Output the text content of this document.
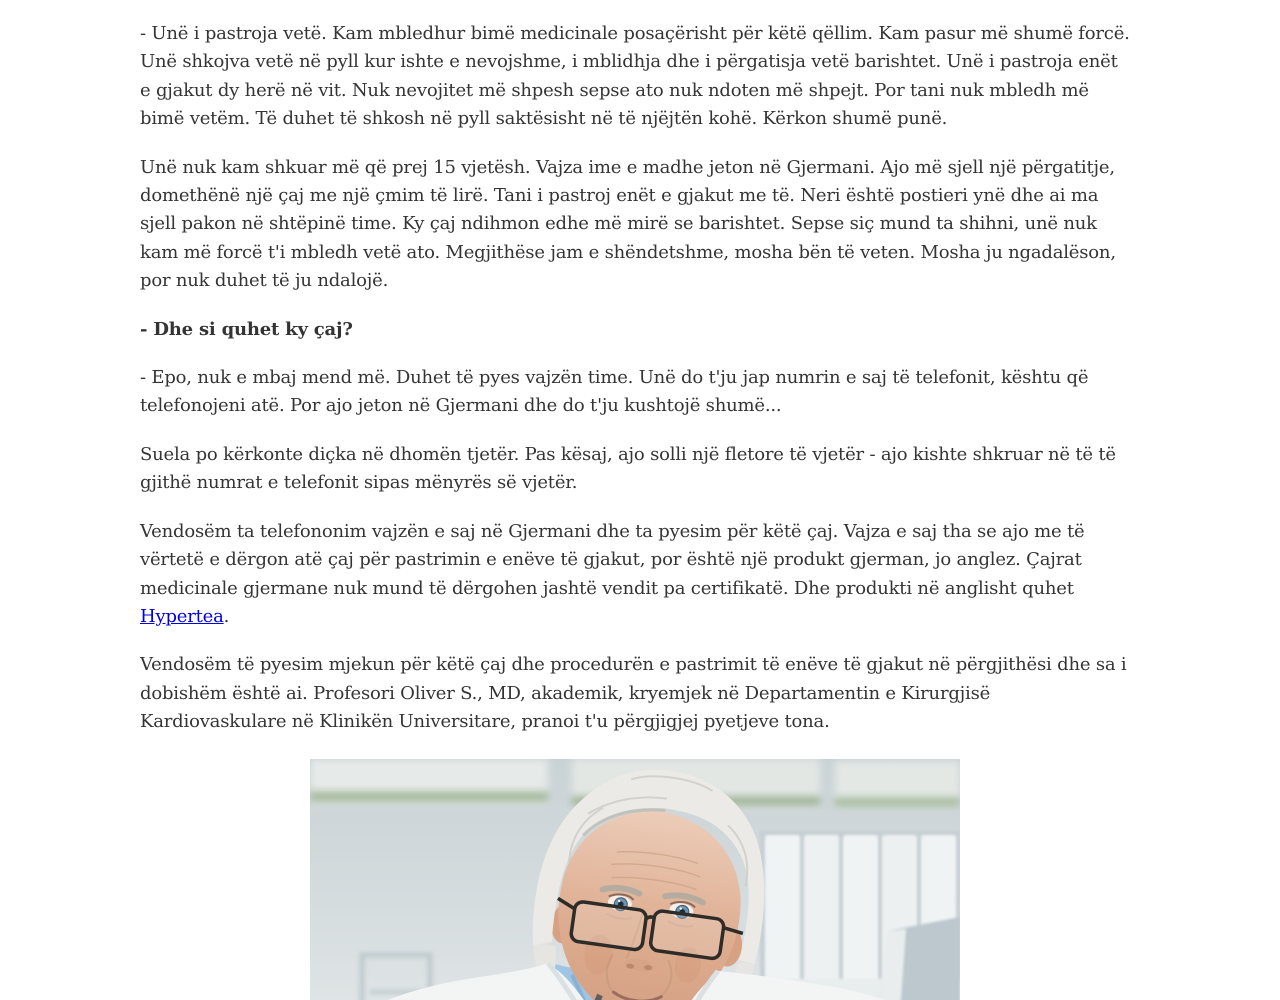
- Unë i pastroja vetë. Kam mbledhur bimë medicinale posaçërisht për këtë qëllim. Kam pasur më shumë forcë. Unë shkojva vetë në pyll kur ishte e nevojshme, i mblidhja dhe i përgatisja vetë barishtet. Unë i pastroja enët e gjakut dy herë në vit. Nuk nevojitet më shpesh sepse ato nuk ndoten më shpejt. Por tani nuk mbledh më bimë vetëm. Të duhet të shkosh në pyll saktësisht në të njëjtën kohë. Kërkon shumë punë.

Unë nuk kam shkuar më që prej 15 vjetësh. Vajza ime e madhe jeton në Gjermani. Ajo më sjell një përgatitje, domethënë një çaj me një çmim të lirë. Tani i pastroj enët e gjakut me të. Neri është postieri ynë dhe ai ma sjell pakon në shtëpinë time. Ky çaj ndihmon edhe më mirë se barishtet. Sepse siç mund ta shihni, unë nuk kam më forcë t'i mbledh vetë ato. Megjithëse jam e shëndetshme, mosha bën të veten. Mosha ju ngadalëson, por nuk duhet të ju ndalojë.

- Dhe si quhet ky çaj?

- Epo, nuk e mbaj mend më. Duhet të pyes vajzën time. Unë do t'ju jap numrin e saj të telefonit, kështu që telefonojeni atë. Por ajo jeton në Gjermani dhe do t'ju kushtojë shumë...

Suela po kërkonte diçka në dhomën tjetër. Pas kësaj, ajo solli një fletore të vjetër - ajo kishte shkruar në të të gjithë numrat e telefonit sipas mënyrës së vjetër.

Vendosëm ta telefononim vajzën e saj në Gjermani dhe ta pyesim për këtë çaj. Vajza e saj tha se ajo me të vërtetë e dërgon atë çaj për pastrimin e enëve të gjakut, por është një produkt gjerman, jo anglez. Çajrat medicinale gjermane nuk mund të dërgohen jashtë vendit pa certifikatë. Dhe produkti në anglisht quhet Hypertea.

Vendosëm të pyesim mjekun për këtë çaj dhe procedurën e pastrimit të enëve të gjakut në përgjithësi dhe sa i dobishëm është ai. Profesori Oliver S., MD, akademik, kryemjek në Departamentin e Kirurgjisë Kardiovaskulare në Klinikën Universitare, pranoi t'u përgjigjej pyetjeve tona.
